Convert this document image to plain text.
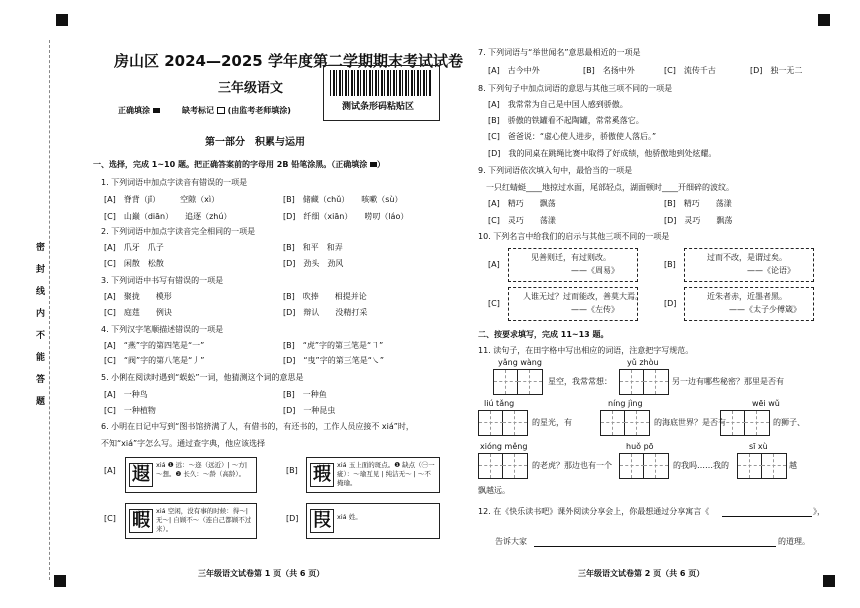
密
封
线
内
不
能
答
题
房山区 2024—2025 学年度第二学期期末考试试卷
三年级语文
正确填涂	缺考标记 (由监考老师填涂)	测试条形码粘贴区
第一部分　积累与运用
一、选择，完成 1~10 题。把正确答案前的字母用 2B 铅笔涂黑。（正确填涂 ）
1. 下列词语中加点字读音有错误的一项是
[A]　脊背（jǐ）　　　空隙（xì）	[B]　储藏（chǔ）　　咳嗽（sù）
[C]　山巅（diān）　　追逐（zhú）	[D]　纤细（xiān）　　唠叨（láo）
2. 下列词语中加点字读音完全相同的一项是
[A]　爪牙　爪子	[B]　和平　和弄
[C]　闲散　松散	[D]　劲头　劲风
3. 下列词语中书写有错误的一项是
[A]　聚拢　　模形	[B]　吹捧　　相提并论
[C]　庭莛　　例诀	[D]　辩认　　没精打采
4. 下列汉字笔顺描述错误的一项是
[A]　“燕”字的第四笔是“一”	[B]　“虎”字的第三笔是“㇕”
[C]　“阀”字的第八笔是“丿”	[D]　“曳”字的第三笔是“㇏”
5. 小俐在阅读时遇到“蜈蚣”一词，他猜测这个词的意思是
[A]　一种鸟	[B]　一种鱼
[C]　一种植物	[D]　一种昆虫
6. 小明在日记中写到“图书馆挤满了人，有借书的，有还书的，工作人员应接不 xiá”时，
不知“xiá”字怎么写。通过查字典，他应该选择
[A] 遐 xiá ❶ 远：～迩（远近）| ～方|～想。❷ 长久：～龄（高龄）。	[B] 瑕 xiá 玉上面的斑点。❶ 缺点（㊀一疵）：～瑜互见 | 纯洁无～ | ～不掩瑜。
[C] 暇 xiá 空闲，没有事的时候：得～|无～| 自顾不～（连自己都顾不过来）。
[D] 叚 xiá 姓。
三年级语文试卷第 1 页（共 6 页）
7. 下列词语与“举世闻名”意思最相近的一项是
[A]　古今中外	[B]　名扬中外	[C]　流传千古	[D]　独一无二
8. 下列句子中加点词语的意思与其他三项不同的一项是
[A]　我常常为自己是中国人感到骄傲。
[B]　骄傲的铁罐看不起陶罐，常常奚落它。
[C]　爸爸说：“虚心使人进步，骄傲使人落后。”
[D]　我的同桌在跳绳比赛中取得了好成绩，他骄傲地到处炫耀。
9. 下列词语依次填入句中，最恰当的一项是
一只红蜻蜓____地掠过水面，尾部轻点，湖面顿时____开细碎的波纹。
[A]　精巧　　飘荡	[B]　精巧　　荡漾
[C]　灵巧　　荡漾	[D]　灵巧　　飘荡
10. 下列名言中给我们的启示与其他三项不同的一项是
[A]
见善则迁，有过则改。
——《周易》
[B]
过而不改，是谓过矣。
——《论语》
[C]
人谁无过？过而能改，善莫大焉。
——《左传》
[D]
近朱者赤，近墨者黑。
——《太子少傅箴》
二、按要求填写，完成 11~13 题。
11. 读句子，在田字格中写出相应的词语，注意把字写规范。
yǎng wàng
星空，我常常想：
yǔ zhòu
另一边有哪些秘密？那里是否有
liú tǎng
的星光，有
níng jìng
的海底世界？是否有
wēi wǔ
的狮子、
xióng měng
的老虎？那边也有一个
huǒ pō
的我吗……我的
sī xù
越
飘越远。
12. 在《快乐读书吧》课外阅读分享会上，你最想通过分享寓言《	》，
告诉大家	的道理。
三年级语文试卷第 2 页（共 6 页）
